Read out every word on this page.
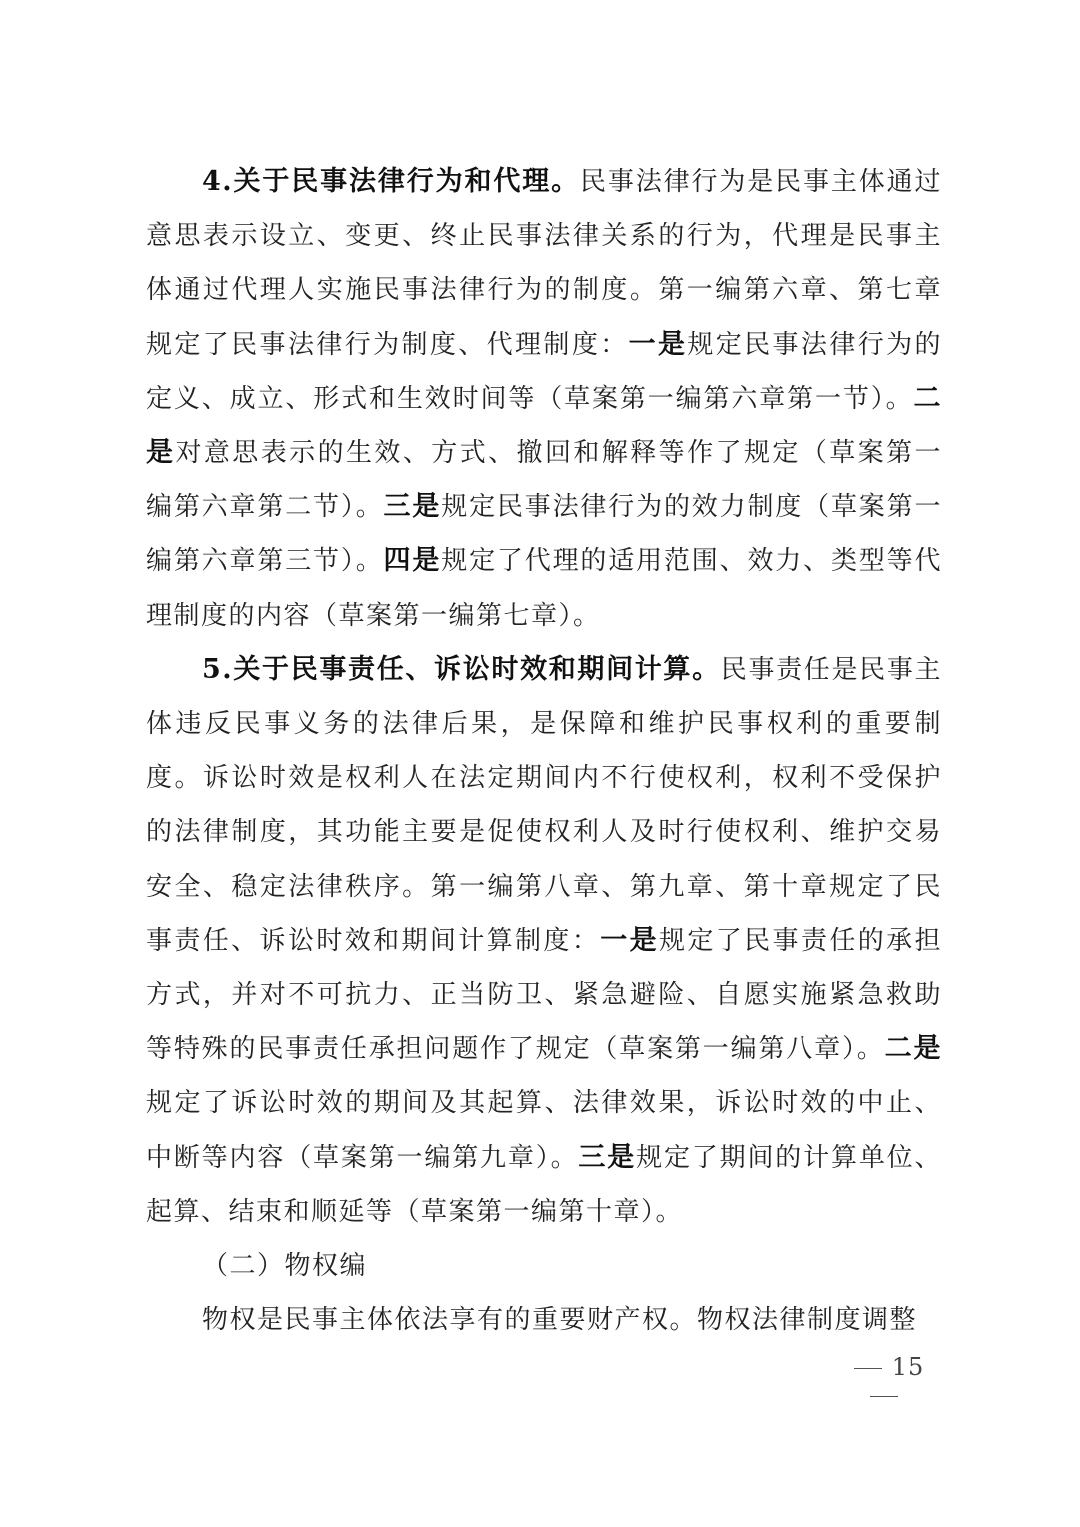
4.关于民事法律行为和代理。民事法律行为是民事主体通过意思表示设立、变更、终止民事法律关系的行为，代理是民事主体通过代理人实施民事法律行为的制度。第一编第六章、第七章规定了民事法律行为制度、代理制度：一是规定民事法律行为的定义、成立、形式和生效时间等（草案第一编第六章第一节）。二是对意思表示的生效、方式、撤回和解释等作了规定（草案第一编第六章第二节）。三是规定民事法律行为的效力制度（草案第一编第六章第三节）。四是规定了代理的适用范围、效力、类型等代理制度的内容（草案第一编第七章）。

5.关于民事责任、诉讼时效和期间计算。民事责任是民事主体违反民事义务的法律后果，是保障和维护民事权利的重要制度。诉讼时效是权利人在法定期间内不行使权利，权利不受保护的法律制度，其功能主要是促使权利人及时行使权利、维护交易安全、稳定法律秩序。第一编第八章、第九章、第十章规定了民事责任、诉讼时效和期间计算制度：一是规定了民事责任的承担方式，并对不可抗力、正当防卫、紧急避险、自愿实施紧急救助等特殊的民事责任承担问题作了规定（草案第一编第八章）。二是规定了诉讼时效的期间及其起算、法律效果，诉讼时效的中止、中断等内容（草案第一编第九章）。三是规定了期间的计算单位、起算、结束和顺延等（草案第一编第十章）。

（二）物权编

物权是民事主体依法享有的重要财产权。物权法律制度调整

15
